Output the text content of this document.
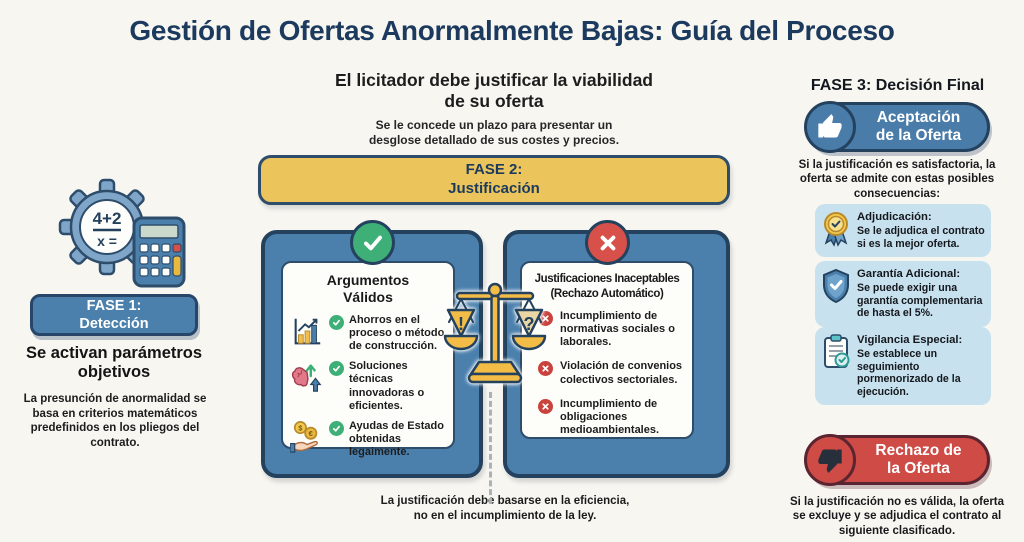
Gestión de Ofertas Anormalmente Bajas: Guía del Proceso
4+2
x =
FASE 1:
Detección
Se activan parámetros objetivos
La presunción de anormalidad se basa en criterios matemáticos predefinidos en los pliegos del contrato.
El licitador debe justificar la viabilidad de su oferta

Se le concede un plazo para presentar un desglose detallado de sus costes y precios.

FASE 2:
Justificación
Argumentos
Válidos
Ahorros en el proceso o método de construcción.
Soluciones técnicas innovadoras o eficientes.
$
€
Ayudas de Estado obtenidas legaimente.
Justificaciones Inaceptables
(Rechazo Automático)
Incumplimiento de normativas sociales o laborales.
Violación de convenios colectivos sectoriales.
Incumplimiento de obligaciones medioambientales.
!	?
La justificación debe basarse en la eficiencia, no en el incumplimiento de la ley.
FASE 3: Decisión Final
Aceptación
de la Oferta
Si la justificación es satisfactoria, la oferta se admite con estas posibles consecuencias:
Adjudicación:
Se le adjudica el contrato si es la mejor oferta.
Garantía Adicional:
Se puede exigir una garantía complementaria de hasta el 5%.
Vigilancia Especial:
Se establece un seguimiento pormenorizado de la ejecución.
Rechazo de
la Oferta
Si la justificación no es válida, la oferta se excluye y se adjudica el contrato al siguiente clasificado.
